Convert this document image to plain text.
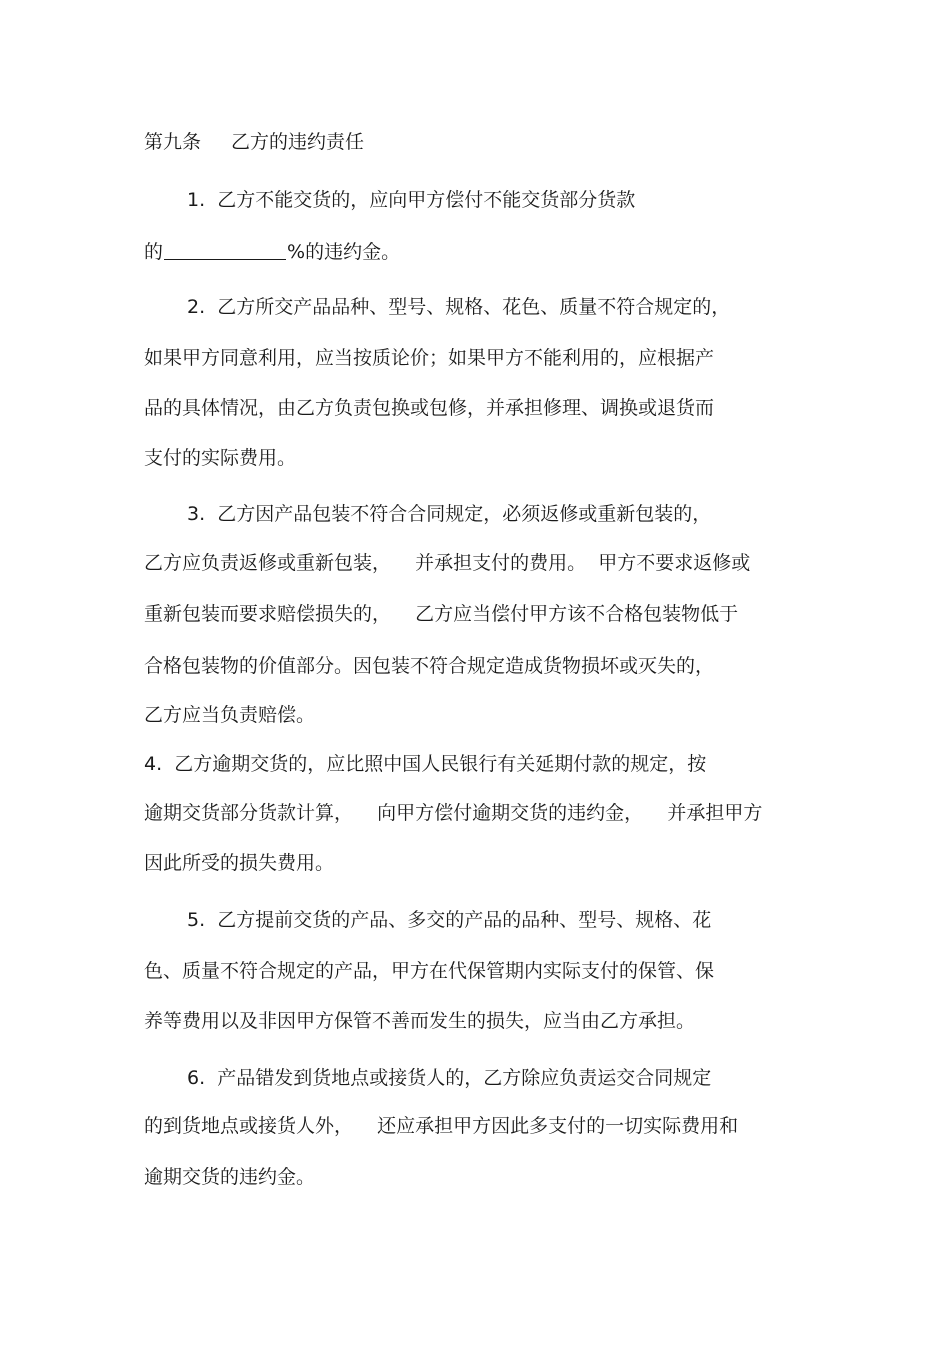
第九条 乙方的违约责任
1.  乙方不能交货的，应向甲方偿付不能交货部分货款
的	%的违约金。
2.  乙方所交产品品种、型号、规格、花色、质量不符合规定的，
如果甲方同意利用，应当按质论价；如果甲方不能利用的，应根据产
品的具体情况，由乙方负责包换或包修，并承担修理、调换或退货而
支付的实际费用。
3.  乙方因产品包装不符合合同规定，必须返修或重新包装的，
乙方应负责返修或重新包装，    并承担支付的费用。  甲方不要求返修或
重新包装而要求赔偿损失的，    乙方应当偿付甲方该不合格包装物低于
合格包装物的价值部分。因包装不符合规定造成货物损坏或灭失的，
乙方应当负责赔偿。
4.  乙方逾期交货的，应比照中国人民银行有关延期付款的规定，按
逾期交货部分货款计算，    向甲方偿付逾期交货的违约金，    并承担甲方
因此所受的损失费用。
5.  乙方提前交货的产品、多交的产品的品种、型号、规格、花
色、质量不符合规定的产品，甲方在代保管期内实际支付的保管、保
养等费用以及非因甲方保管不善而发生的损失，应当由乙方承担。
6.  产品错发到货地点或接货人的，乙方除应负责运交合同规定
的到货地点或接货人外，    还应承担甲方因此多支付的一切实际费用和
逾期交货的违约金。
